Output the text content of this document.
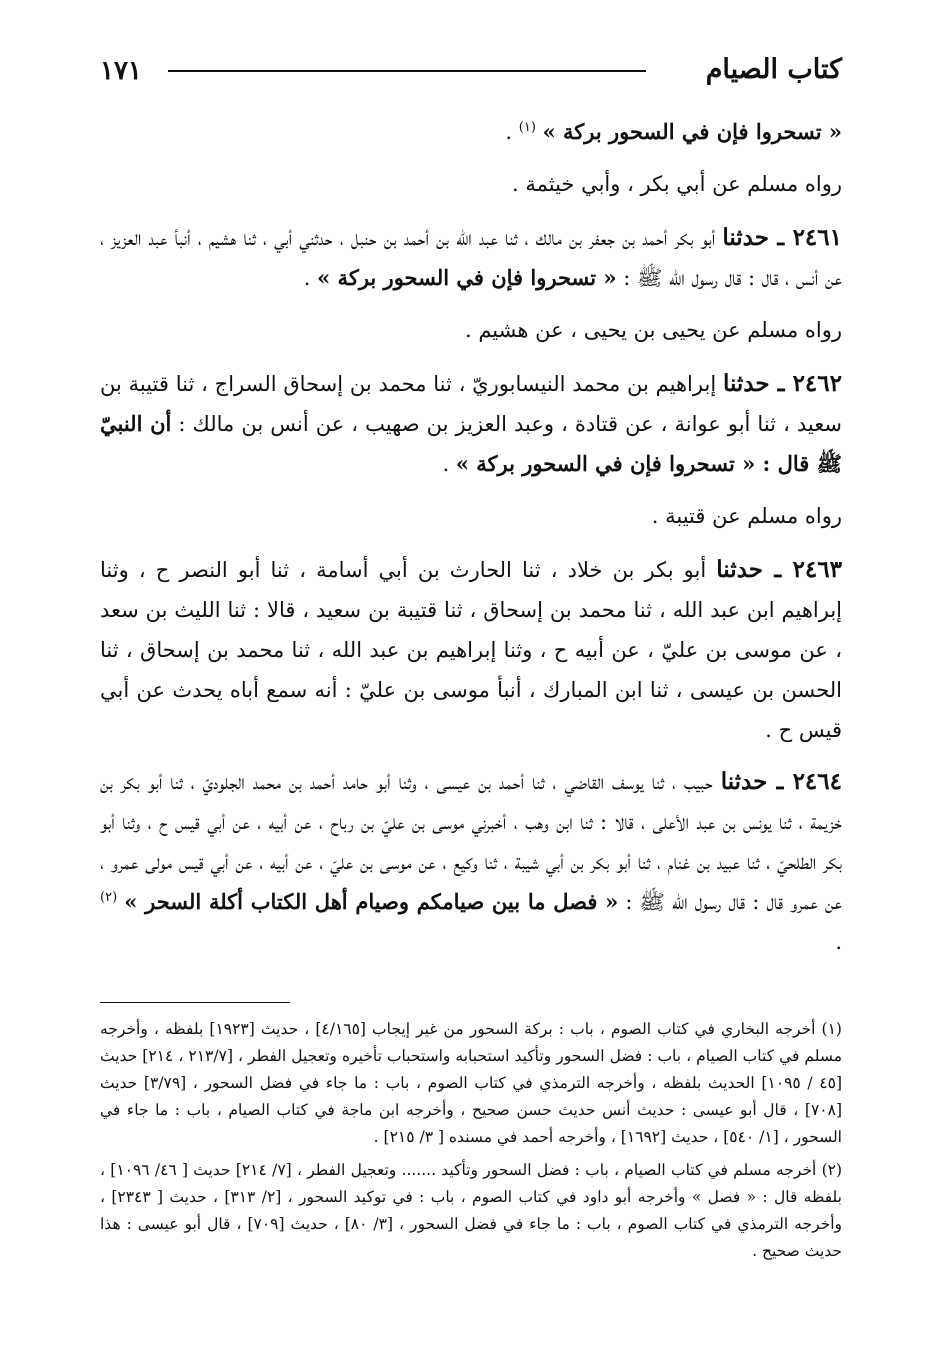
كتاب الصيام
١٧١

« تسحروا فإن في السحور بركة » $^{(١)}$ .

رواه مسلم عن أبي بكر ، وأبي خيثمة .

٢٤٦١ ـ حدثنا أبو بكر أحمد بن جعفر بن مالك ، ثنا عبد الله بن أحمد بن حنبل ، حدثني أبي ، ثنا هشيم ، أنبأ عبد العزيز ، عن أنس ، قال : قال رسول الله ﷺ : « تسحروا فإن في السحور بركة » .

رواه مسلم عن يحيى بن يحيى ، عن هشيم .

٢٤٦٢ ـ حدثنا إبراهيم بن محمد النيسابوريّ ، ثنا محمد بن إسحاق السراج ، ثنا قتيبة بن سعيد ، ثنا أبو عوانة ، عن قتادة ، وعبد العزيز بن صهيب ، عن أنس بن مالك : أن النبيّ ﷺ قال : « تسحروا فإن في السحور بركة » .

رواه مسلم عن قتيبة .

٢٤٦٣ ـ حدثنا أبو بكر بن خلاد ، ثنا الحارث بن أبي أسامة ، ثنا أبو النصر ح ، وثنا إبراهيم ابن عبد الله ، ثنا محمد بن إسحاق ، ثنا قتيبة بن سعيد ، قالا : ثنا الليث بن سعد ، عن موسى بن عليّ ، عن أبيه ح ، وثنا إبراهيم بن عبد الله ، ثنا محمد بن إسحاق ، ثنا الحسن بن عيسى ، ثنا ابن المبارك ، أنبأ موسى بن عليّ : أنه سمع أباه يحدث عن أبي قيس ح .

٢٤٦٤ ـ حدثنا حبيب ، ثنا يوسف القاضي ، ثنا أحمد بن عيسى ، وثنا أبو حامد أحمد بن محمد الجلوديّ ، ثنا أبو بكر بن خزيمة ، ثنا يونس بن عبد الأعلى ، قالا : ثنا ابن وهب ، أخبرني موسى بن عليّ بن رباح ، عن أبيه ، عن أبي قيس ح ، وثنا أبو بكر الطلحيّ ، ثنا عبيد بن غنام ، ثنا أبو بكر بن أبي شيبة ، ثنا وكيع ، عن موسى بن عليّ ، عن أبيه ، عن أبي قيس مولى عمرو ، عن عمرو قال : قال رسول الله ﷺ : « فصل ما بين صيامكم وصيام أهل الكتاب أكلة السحر » $^{(٢)}$ .

(١) أخرجه البخاري في كتاب الصوم ، باب : بركة السحور من غير إيجاب [٤/١٦٥] ، حديث [١٩٢٣] بلفظه ، وأخرجه مسلم في كتاب الصيام ، باب : فضل السحور وتأكيد استحبابه واستحباب تأخيره وتعجيل الفطر ، [٢١٣/٧ ، ٢١٤] حديث [٤٥ / ١٠٩٥] الحديث بلفظه ، وأخرجه الترمذي في كتاب الصوم ، باب : ما جاء في فضل السحور ، [٣/٧٩] حديث [٧٠٨] ، قال أبو عيسى : حديث أنس حديث حسن صحيح ، وأخرجه ابن ماجة في كتاب الصيام ، باب : ما جاء في السحور ، [١/ ٥٤٠] ، حديث [١٦٩٢] ، وأخرجه أحمد في مسنده [ ٣/ ٢١٥] .

(٢) أخرجه مسلم في كتاب الصيام ، باب : فضل السحور وتأكيد ....... وتعجيل الفطر ، [٧/ ٢١٤] حديث [ ٤٦/ ١٠٩٦] ، بلفظه قال : « فصل » وأخرجه أبو داود في كتاب الصوم ، باب : في توكيد السحور ، [٢/ ٣١٣] ، حديث [ ٢٣٤٣] ، وأخرجه الترمذي في كتاب الصوم ، باب : ما جاء في فضل السحور ، [٣/ ٨٠] ، حديث [٧٠٩] ، قال أبو عيسى : هذا حديث صحيح .
